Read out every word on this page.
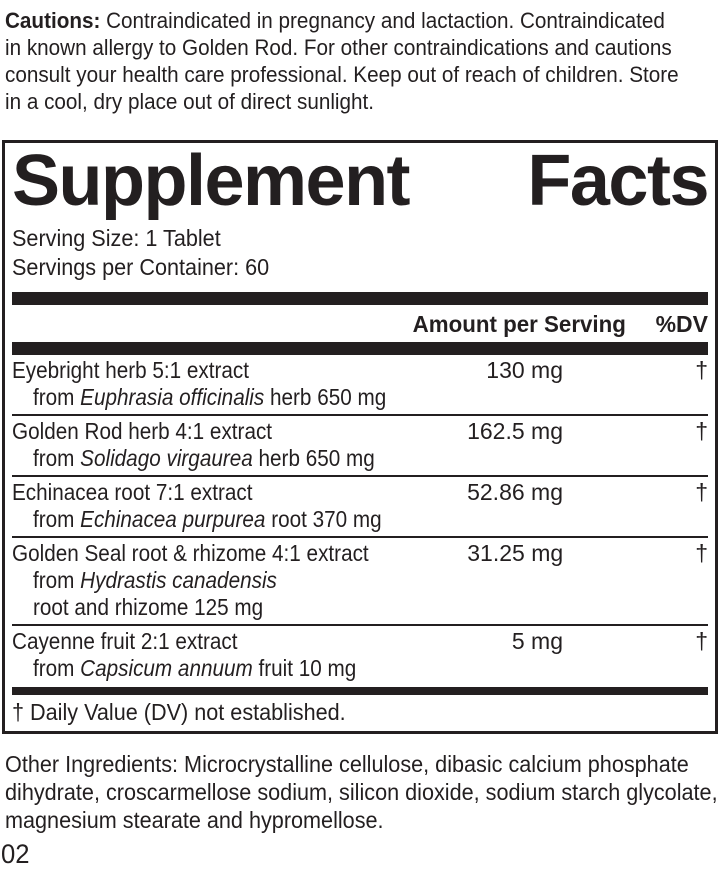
Cautions: Contraindicated in pregnancy and lactaction. Contraindicated
in known allergy to Golden Rod. For other contraindications and cautions
consult your health care professional. Keep out of reach of children. Store
in a cool, dry place out of direct sunlight.
Supplement Facts
Serving Size: 1 Tablet
Servings per Container: 60
Amount per Serving	%DV
Eyebright herb 5:1 extract	130 mg	†
from Euphrasia officinalis herb 650 mg
Golden Rod herb 4:1 extract	162.5 mg	†
from Solidago virgaurea herb 650 mg
Echinacea root 7:1 extract	52.86 mg	†
from Echinacea purpurea root 370 mg
Golden Seal root & rhizome 4:1 extract	31.25 mg	†
from Hydrastis canadensis
root and rhizome 125 mg
Cayenne fruit 2:1 extract	5 mg	†
from Capsicum annuum fruit 10 mg
† Daily Value (DV) not established.
Other Ingredients: Microcrystalline cellulose, dibasic calcium phosphate
dihydrate, croscarmellose sodium, silicon dioxide, sodium starch glycolate,
magnesium stearate and hypromellose.
02
